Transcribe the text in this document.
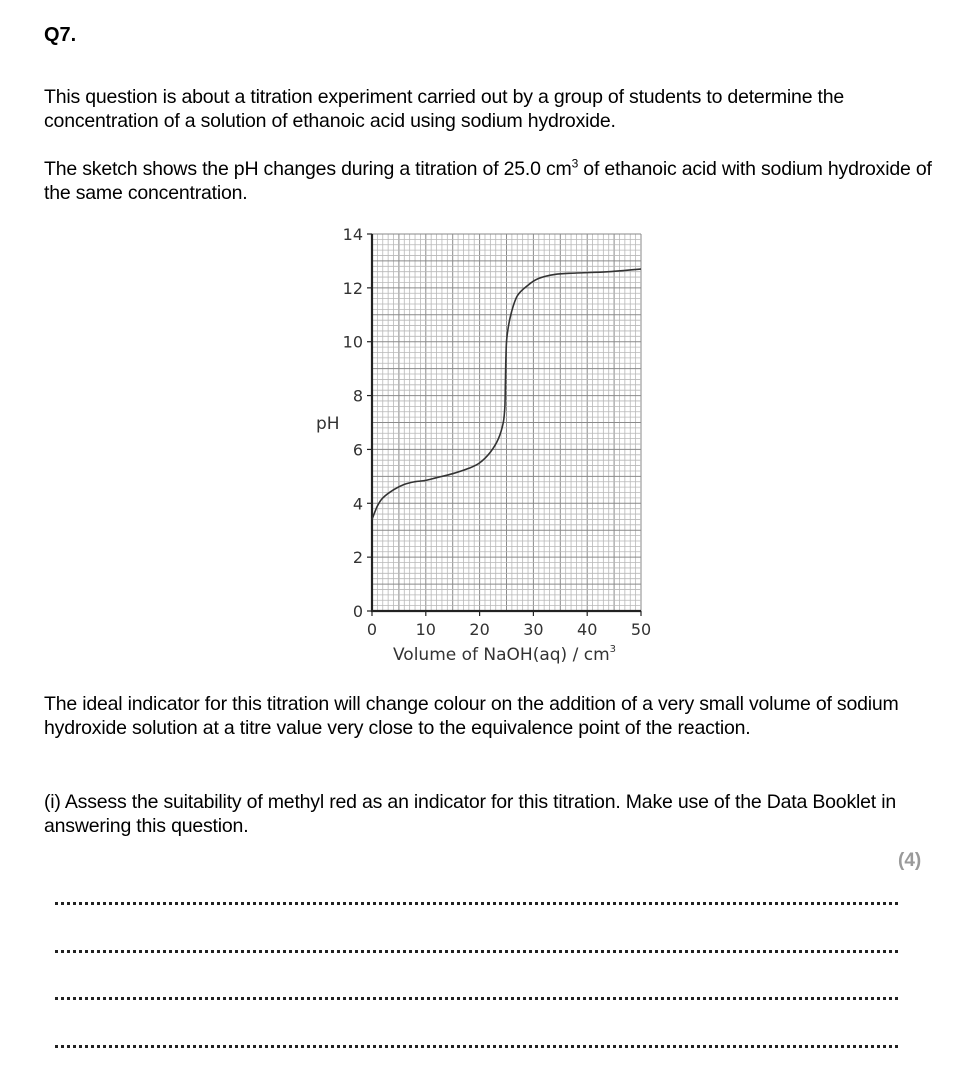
Q7.
This question is about a titration experiment carried out by a group of students to determine the concentration of a solution of ethanoic acid using sodium hydroxide.
The sketch shows the pH changes during a titration of 25.0 $cm^3$ of ethanoic acid with sodium hydroxide of the same concentration.
0
2
4
6
8
10
12
14
0 10 20 30 40 50
pH
Volume of NaOH(aq) / $cm^3$
The ideal indicator for this titration will change colour on the addition of a very small volume of sodium hydroxide solution at a titre value very close to the equivalence point of the reaction.
(i) Assess the suitability of methyl red as an indicator for this titration. Make use of the Data Booklet in answering this question.
(4)
